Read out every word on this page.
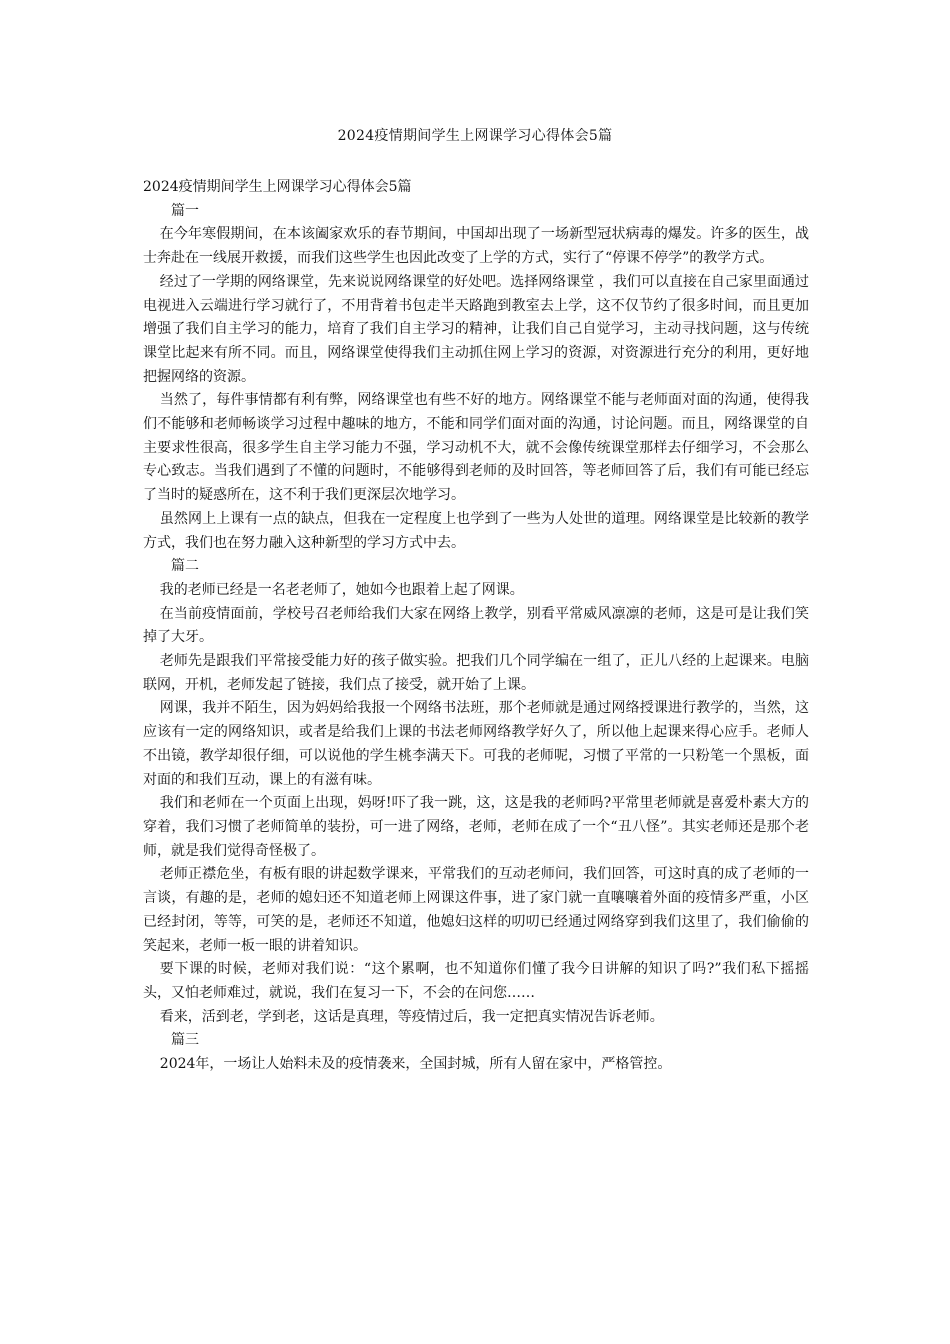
2024疫情期间学生上网课学习心得体会5篇

2024疫情期间学生上网课学习心得体会5篇

篇一

在今年寒假期间，在本该阖家欢乐的春节期间，中国却出现了一场新型冠状病毒的爆发。许多的医生，战士奔赴在一线展开救援，而我们这些学生也因此改变了上学的方式，实行了“停课不停学”的教学方式。

经过了一学期的网络课堂，先来说说网络课堂的好处吧。选择网络课堂 ，我们可以直接在自己家里面通过电视进入云端进行学习就行了，不用背着书包走半天路跑到教室去上学，这不仅节约了很多时间，而且更加增强了我们自主学习的能力，培育了我们自主学习的精神，让我们自己自觉学习，主动寻找问题，这与传统课堂比起来有所不同。而且，网络课堂使得我们主动抓住网上学习的资源，对资源进行充分的利用，更好地把握网络的资源。

当然了，每件事情都有利有弊，网络课堂也有些不好的地方。网络课堂不能与老师面对面的沟通，使得我们不能够和老师畅谈学习过程中趣味的地方，不能和同学们面对面的沟通，讨论问题。而且，网络课堂的自主要求性很高，很多学生自主学习能力不强，学习动机不大，就不会像传统课堂那样去仔细学习，不会那么专心致志。当我们遇到了不懂的问题时，不能够得到老师的及时回答，等老师回答了后，我们有可能已经忘了当时的疑惑所在，这不利于我们更深层次地学习。

虽然网上上课有一点的缺点，但我在一定程度上也学到了一些为人处世的道理。网络课堂是比较新的教学方式，我们也在努力融入这种新型的学习方式中去。

篇二

我的老师已经是一名老老师了，她如今也跟着上起了网课。

在当前疫情面前，学校号召老师给我们大家在网络上教学，别看平常威风凛凛的老师，这是可是让我们笑掉了大牙。

老师先是跟我们平常接受能力好的孩子做实验。把我们几个同学编在一组了，正儿八经的上起课来。电脑联网，开机，老师发起了链接，我们点了接受，就开始了上课。

网课，我并不陌生，因为妈妈给我报一个网络书法班，那个老师就是通过网络授课进行教学的，当然，这应该有一定的网络知识，或者是给我们上课的书法老师网络教学好久了，所以他上起课来得心应手。老师人不出镜，教学却很仔细，可以说他的学生桃李满天下。可我的老师呢，习惯了平常的一只粉笔一个黑板，面对面的和我们互动，课上的有滋有味。

我们和老师在一个页面上出现，妈呀!吓了我一跳，这，这是我的老师吗?平常里老师就是喜爱朴素大方的穿着，我们习惯了老师简单的装扮，可一进了网络，老师，老师在成了一个“丑八怪”。其实老师还是那个老师，就是我们觉得奇怪极了。

老师正襟危坐，有板有眼的讲起数学课来，平常我们的互动老师问，我们回答，可这时真的成了老师的一言谈，有趣的是，老师的媳妇还不知道老师上网课这件事，进了家门就一直嚷嚷着外面的疫情多严重，小区已经封闭，等等，可笑的是，老师还不知道，他媳妇这样的叨叨已经通过网络穿到我们这里了，我们偷偷的笑起来，老师一板一眼的讲着知识。

要下课的时候，老师对我们说：“这个累啊，也不知道你们懂了我今日讲解的知识了吗?”我们私下摇摇头，又怕老师难过，就说，我们在复习一下，不会的在问您……

看来，活到老，学到老，这话是真理，等疫情过后，我一定把真实情况告诉老师。

篇三

2024年，一场让人始料未及的疫情袭来，全国封城，所有人留在家中，严格管控。
